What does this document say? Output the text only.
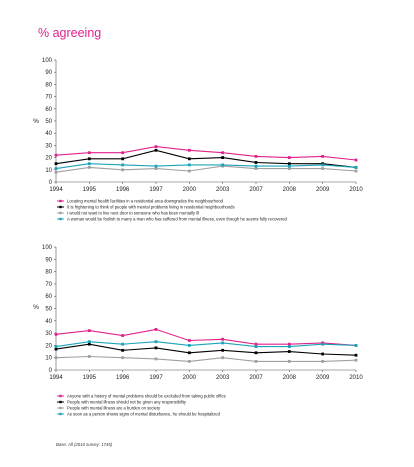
% agreeing
0
10
20
30
40
50
60
70
80
90
100
1994	1995	1996	1997	2000	2003	2007	2008	2009	2010
%
Locating mental health facilities in a residential area downgrades the neighbourhood
It is frightening to think of people with mental problems living in residential neighbourhoods
I would not want to live next door to someone who has been mentally ill
A woman would be foolish to marry a man who has suffered from mental illness, even though he seems fully recovered
0
10
20
30
40
50
60
70
80
90
100
1994	1995	1996	1997	2000	2003	2007	2008	2009	2010
%
Anyone with a history of mental problems should be excluded from taking public office
People with mental illness should not be given any responsibility
People with mental illness are a burden on society
As soon as a person shows signs of mental disturbance, he should be hospitalized
Base: All (2010 survey: 1745)
